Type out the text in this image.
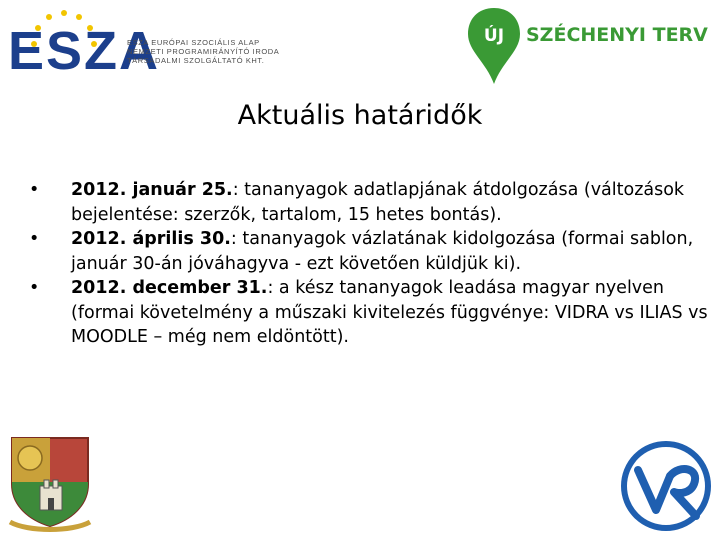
ESZA
ESZA EURÓPAI SZOCIÁLIS ALAP
NEMZETI PROGRAMIRÁNYÍTÓ IRODA
TÁRSADALMI SZOLGÁLTATÓ KHT.
ÚJ SZÉCHENYI TERV
Aktuális határidők
• 2012. január 25.: tananyagok adatlapjának átdolgozása (változások bejelentése: szerzők, tartalom, 15 hetes bontás).
• 2012. április 30.: tananyagok vázlatának kidolgozása (formai sablon, január 30-án jóváhagyva - ezt követően küldjük ki).
• 2012. december 31.: a kész tananyagok leadása magyar nyelven (formai követelmény a műszaki kivitelezés függvénye: VIDRA vs ILIAS vs MOODLE – még nem eldöntött).
